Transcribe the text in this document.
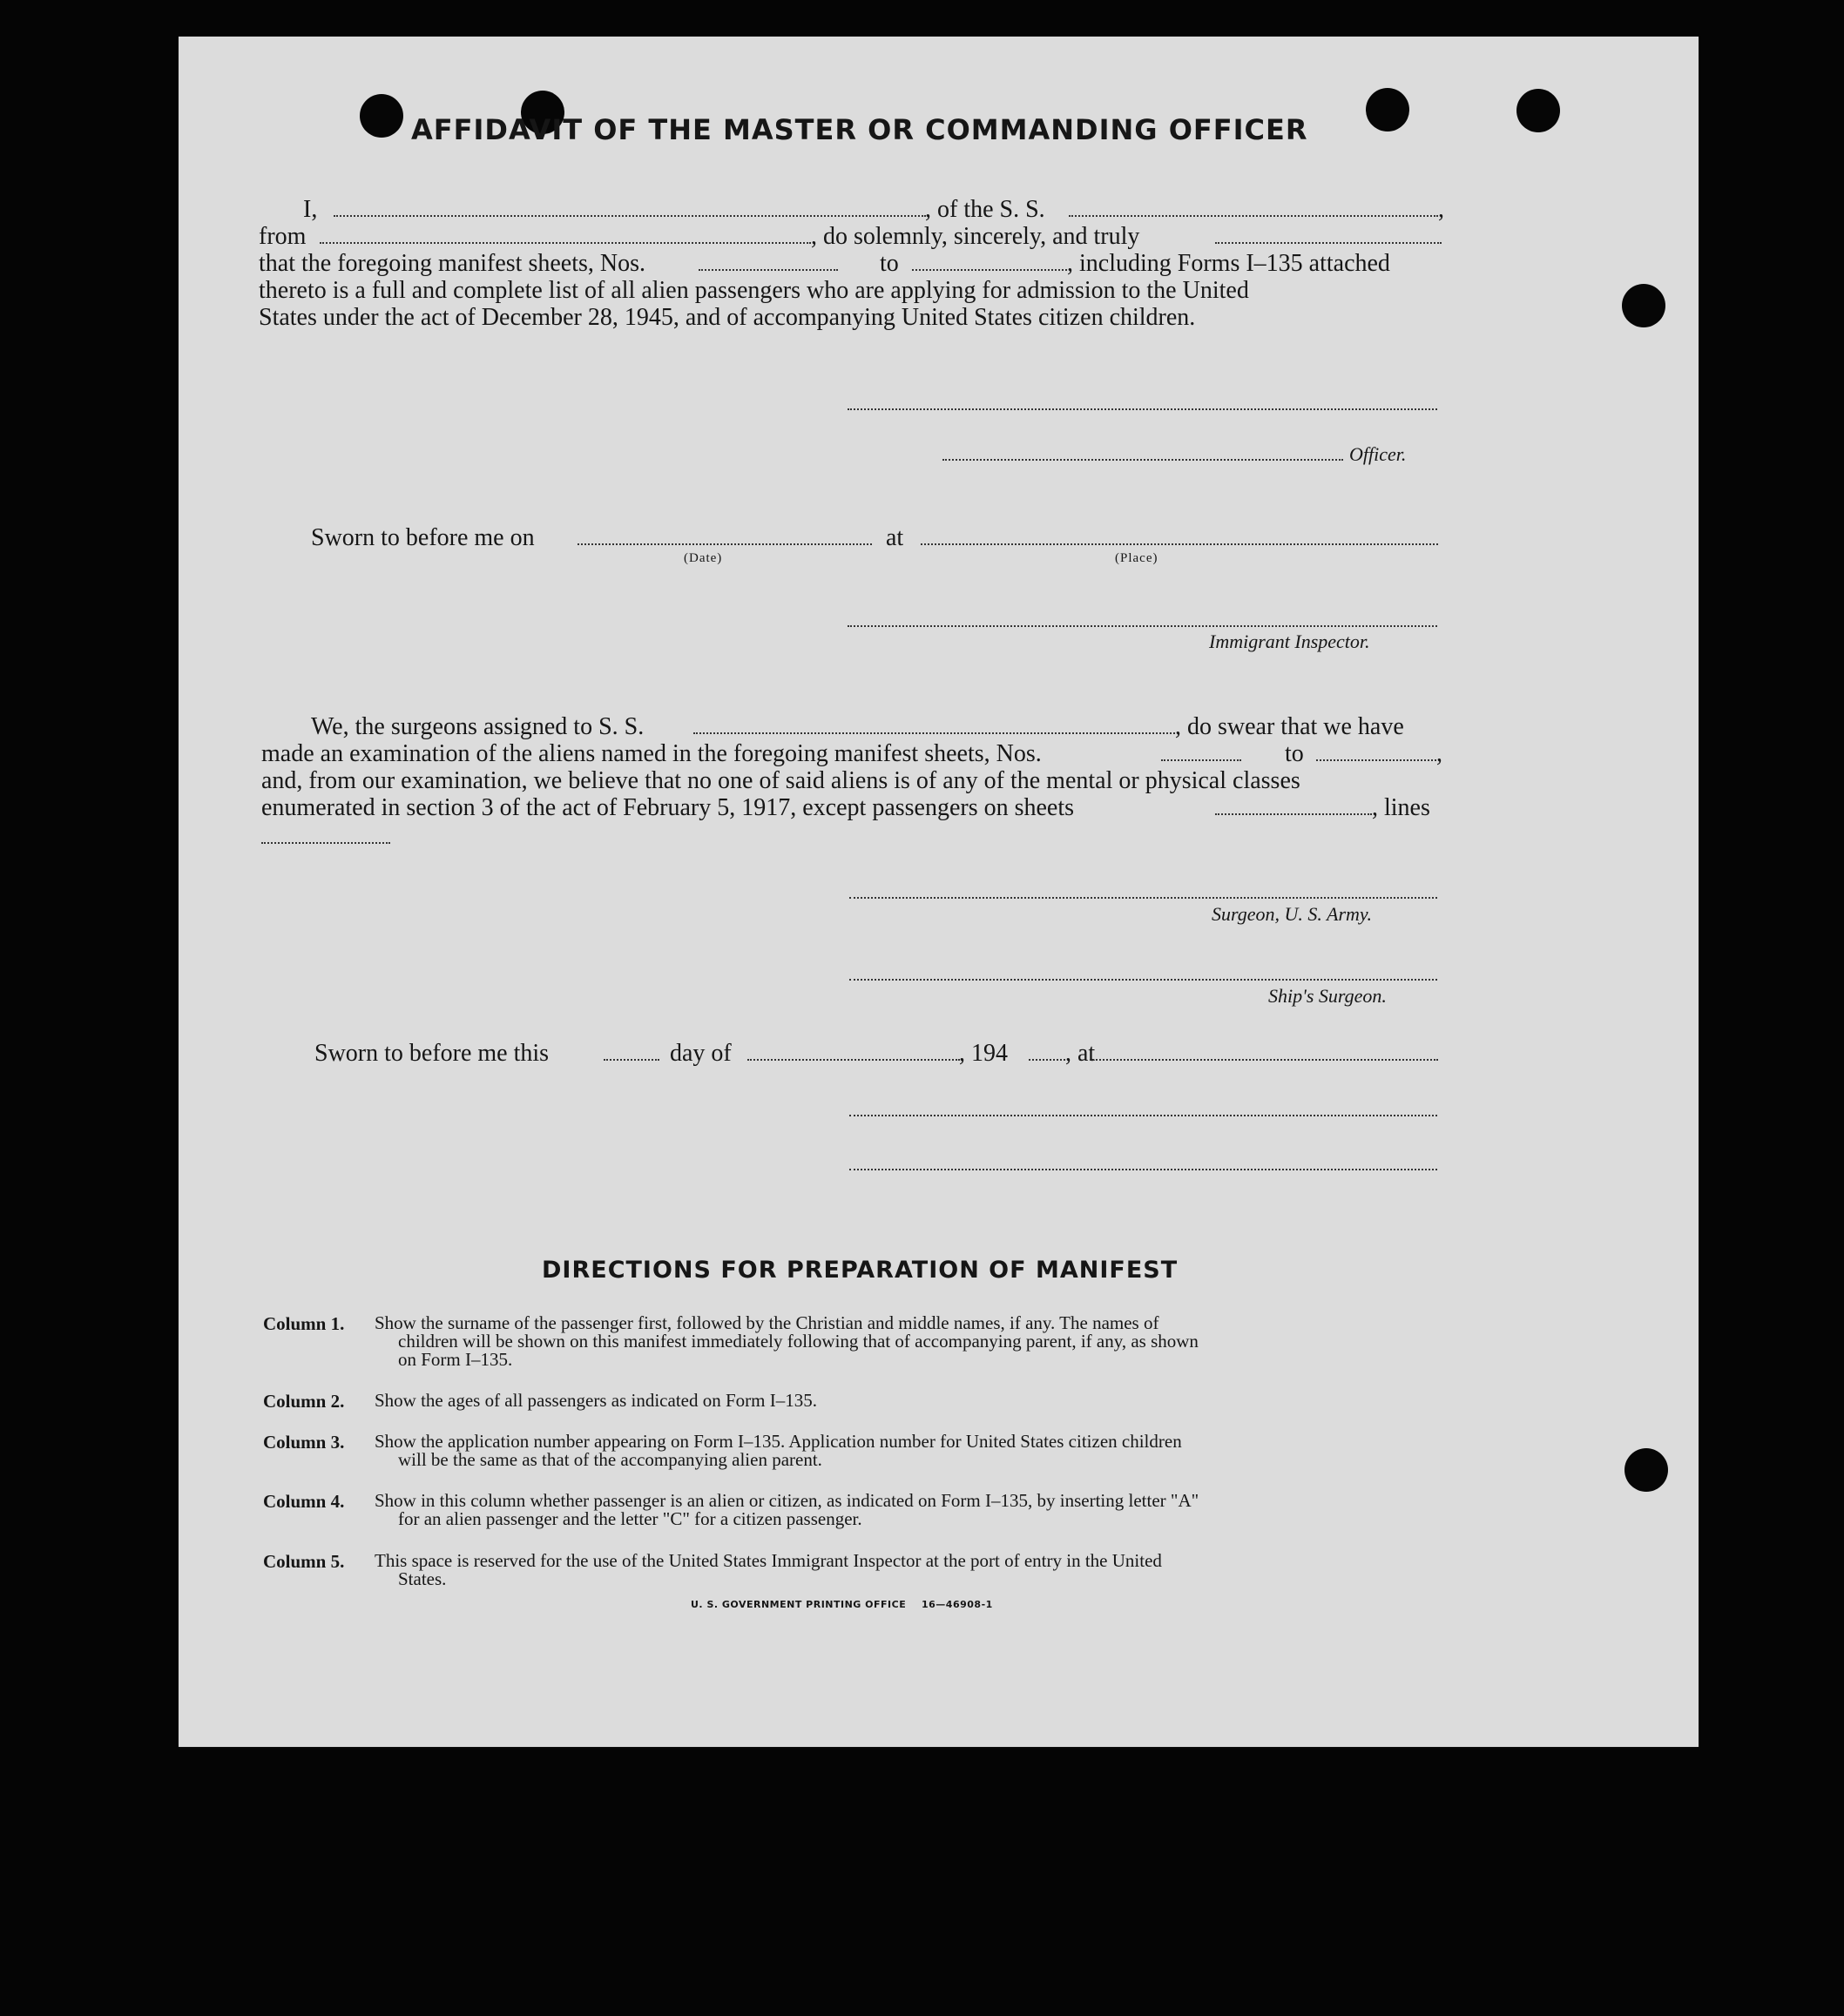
AFFIDAVIT OF THE MASTER OR COMMANDING OFFICER
I,	, of the S. S.	,
from	, do solemnly, sincerely, and truly
that the foregoing manifest sheets, Nos.	to	, including Forms I–135 attached
thereto is a full and complete list of all alien passengers who are applying for admission to the United
States under the act of December 28, 1945, and of accompanying United States citizen children.
Officer.
Sworn to before me on	at
(Date)	(Place)
Immigrant Inspector.
We, the surgeons assigned to S. S.	, do swear that we have
made an examination of the aliens named in the foregoing manifest sheets, Nos.	to	,
and, from our examination, we believe that no one of said aliens is of any of the mental or physical classes
enumerated in section 3 of the act of February 5, 1917, except passengers on sheets	, lines
Surgeon, U. S. Army.
Ship's Surgeon.
Sworn to before me this	day of	, 194 , at
DIRECTIONS FOR PREPARATION OF MANIFEST
Column 1. Show the surname of the passenger first, followed by the Christian and middle names, if any. The names of
children will be shown on this manifest immediately following that of accompanying parent, if any, as shown
on Form I–135.
Column 2. Show the ages of all passengers as indicated on Form I–135.
Column 3. Show the application number appearing on Form I–135. Application number for United States citizen children
will be the same as that of the accompanying alien parent.
Column 4. Show in this column whether passenger is an alien or citizen, as indicated on Form I–135, by inserting letter "A"
for an alien passenger and the letter "C" for a citizen passenger.
Column 5. This space is reserved for the use of the United States Immigrant Inspector at the port of entry in the United
States.
U. S. GOVERNMENT PRINTING OFFICE 16—46908-1
